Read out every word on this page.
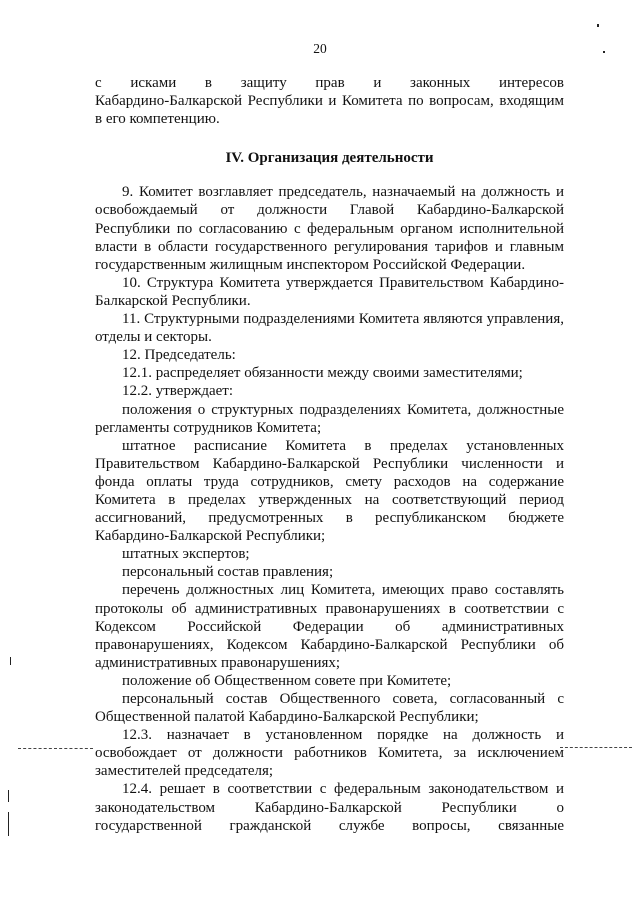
20

с исками в защиту прав и законных интересов

Кабардино-Балкарской Республики и Комитета по вопросам, входящим

в его компетенцию.

IV. Организация деятельности

9. Комитет возглавляет председатель, назначаемый на должность и освобождаемый от должности Главой Кабардино-Балкарской Республики по согласованию с федеральным органом исполнительной власти в области государственного регулирования тарифов и главным государственным жилищным инспектором Российской Федерации.

10. Структура Комитета утверждается Правительством Кабардино-Балкарской Республики.

11. Структурными подразделениями Комитета являются управления, отделы и секторы.

12. Председатель:

12.1. распределяет обязанности между своими заместителями;

12.2. утверждает:

положения о структурных подразделениях Комитета, должностные регламенты сотрудников Комитета;

штатное расписание Комитета в пределах установленных Правительством Кабардино-Балкарской Республики численности и фонда оплаты труда сотрудников, смету расходов на содержание Комитета в пределах утвержденных на соответствующий период ассигнований, предусмотренных в республиканском бюджете Кабардино-Балкарской Республики;

штатных экспертов;

персональный состав правления;

перечень должностных лиц Комитета, имеющих право составлять протоколы об административных правонарушениях в соответствии с Кодексом Российской Федерации об административных правонарушениях, Кодексом Кабардино-Балкарской Республики об административных правонарушениях;

положение об Общественном совете при Комитете;

персональный состав Общественного совета, согласованный с Общественной палатой Кабардино-Балкарской Республики;

12.3. назначает в установленном порядке на должность и освобождает от должности работников Комитета, за исключением заместителей председателя;

12.4. решает в соответствии с федеральным законодательством и законодательством Кабардино-Балкарской Республики о государственной гражданской службе вопросы, связанные
